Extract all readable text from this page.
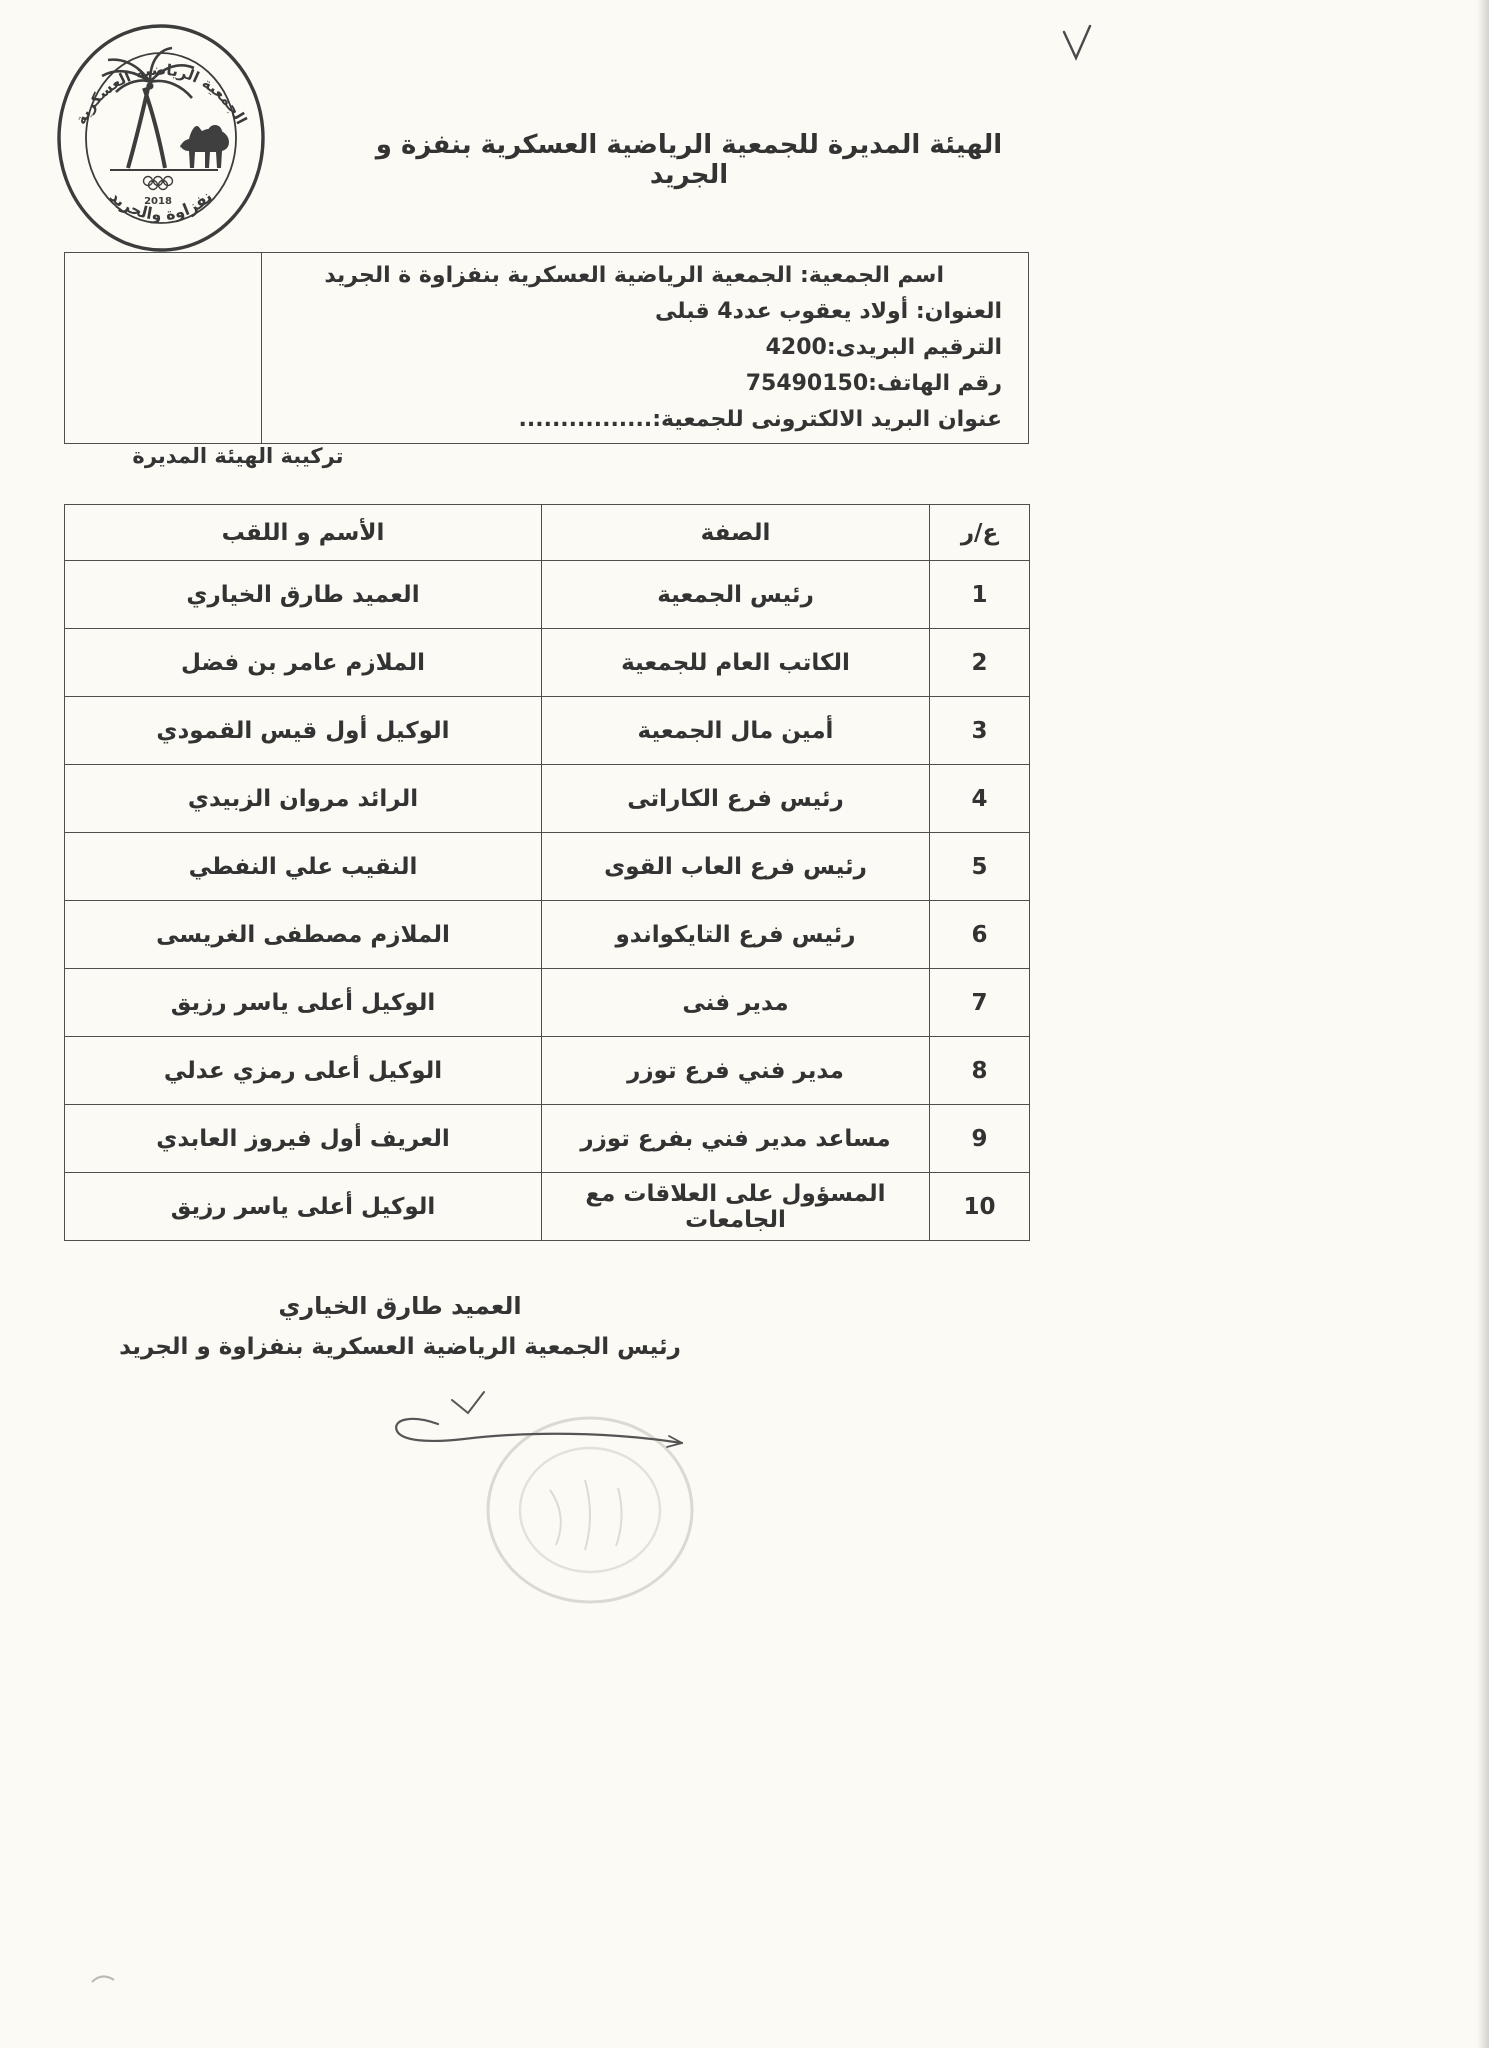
الجمعية الرياضية العسكرية
نفزاوة والجريد
2018
الهيئة المديرة للجمعية الرياضية العسكرية بنفزة و الجريد
اسم الجمعية: الجمعية الرياضية العسكرية بنفزاوة ة الجريد
العنوان: أولاد يعقوب عدد4 قبلى
الترقيم البريدى:4200
رقم الهاتف:75490150
عنوان البريد الالكترونى للجمعية:................
تركيبة الهيئة المديرة
ع/ر	الصفة	الأسم و اللقب
1	رئيس الجمعية	العميد طارق الخياري
2	الكاتب العام للجمعية	الملازم عامر بن فضل
3	أمين مال الجمعية	الوكيل أول قيس القمودي
4	رئيس فرع الكاراتى	الرائد مروان الزبيدي
5	رئيس فرع العاب القوى	النقيب علي النفطي
6	رئيس فرع التايكواندو	الملازم مصطفى الغريسى
7	مدير فنى	الوكيل أعلى ياسر رزيق
8	مدير فني فرع توزر	الوكيل أعلى رمزي عدلي
9	مساعد مدير فني بفرع توزر	العريف أول فيروز العابدي
10	المسؤول على العلاقات مع الجامعات	الوكيل أعلى ياسر رزيق
العميد طارق الخياري
رئيس الجمعية الرياضية العسكرية بنفزاوة و الجريد
